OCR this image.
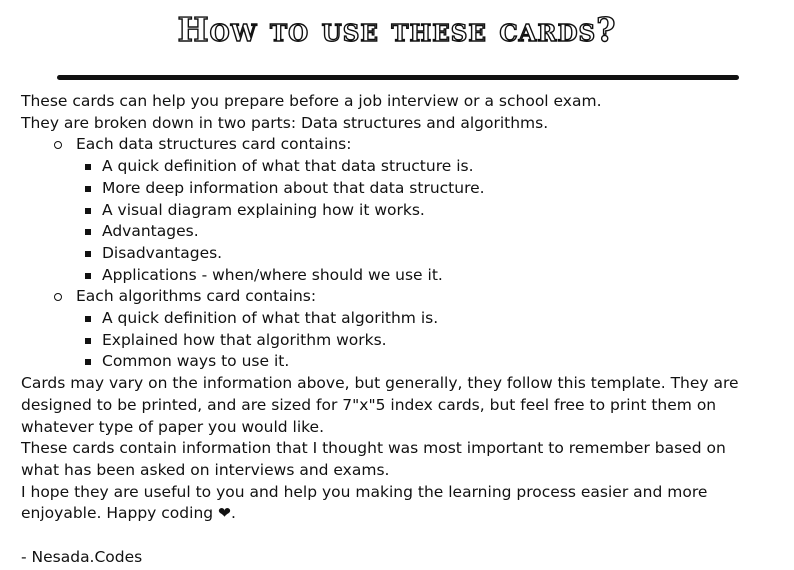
How to use these cards?

These cards can help you prepare before a job interview or a school exam.

They are broken down in two parts: Data structures and algorithms.

Each data structures card contains:
A quick definition of what that data structure is.
More deep information about that data structure.
A visual diagram explaining how it works.
Advantages.
Disadvantages.
Applications - when/where should we use it.
Each algorithms card contains:
A quick definition of what that algorithm is.
Explained how that algorithm works.
Common ways to use it.

Cards may vary on the information above, but generally, they follow this template. They are

designed to be printed, and are sized for 7"x"5 index cards, but feel free to print them on

whatever type of paper you would like.

These cards contain information that I thought was most important to remember based on

what has been asked on interviews and exams.

I hope they are useful to you and help you making the learning process easier and more

enjoyable. Happy coding ❤.

- Nesada.Codes
